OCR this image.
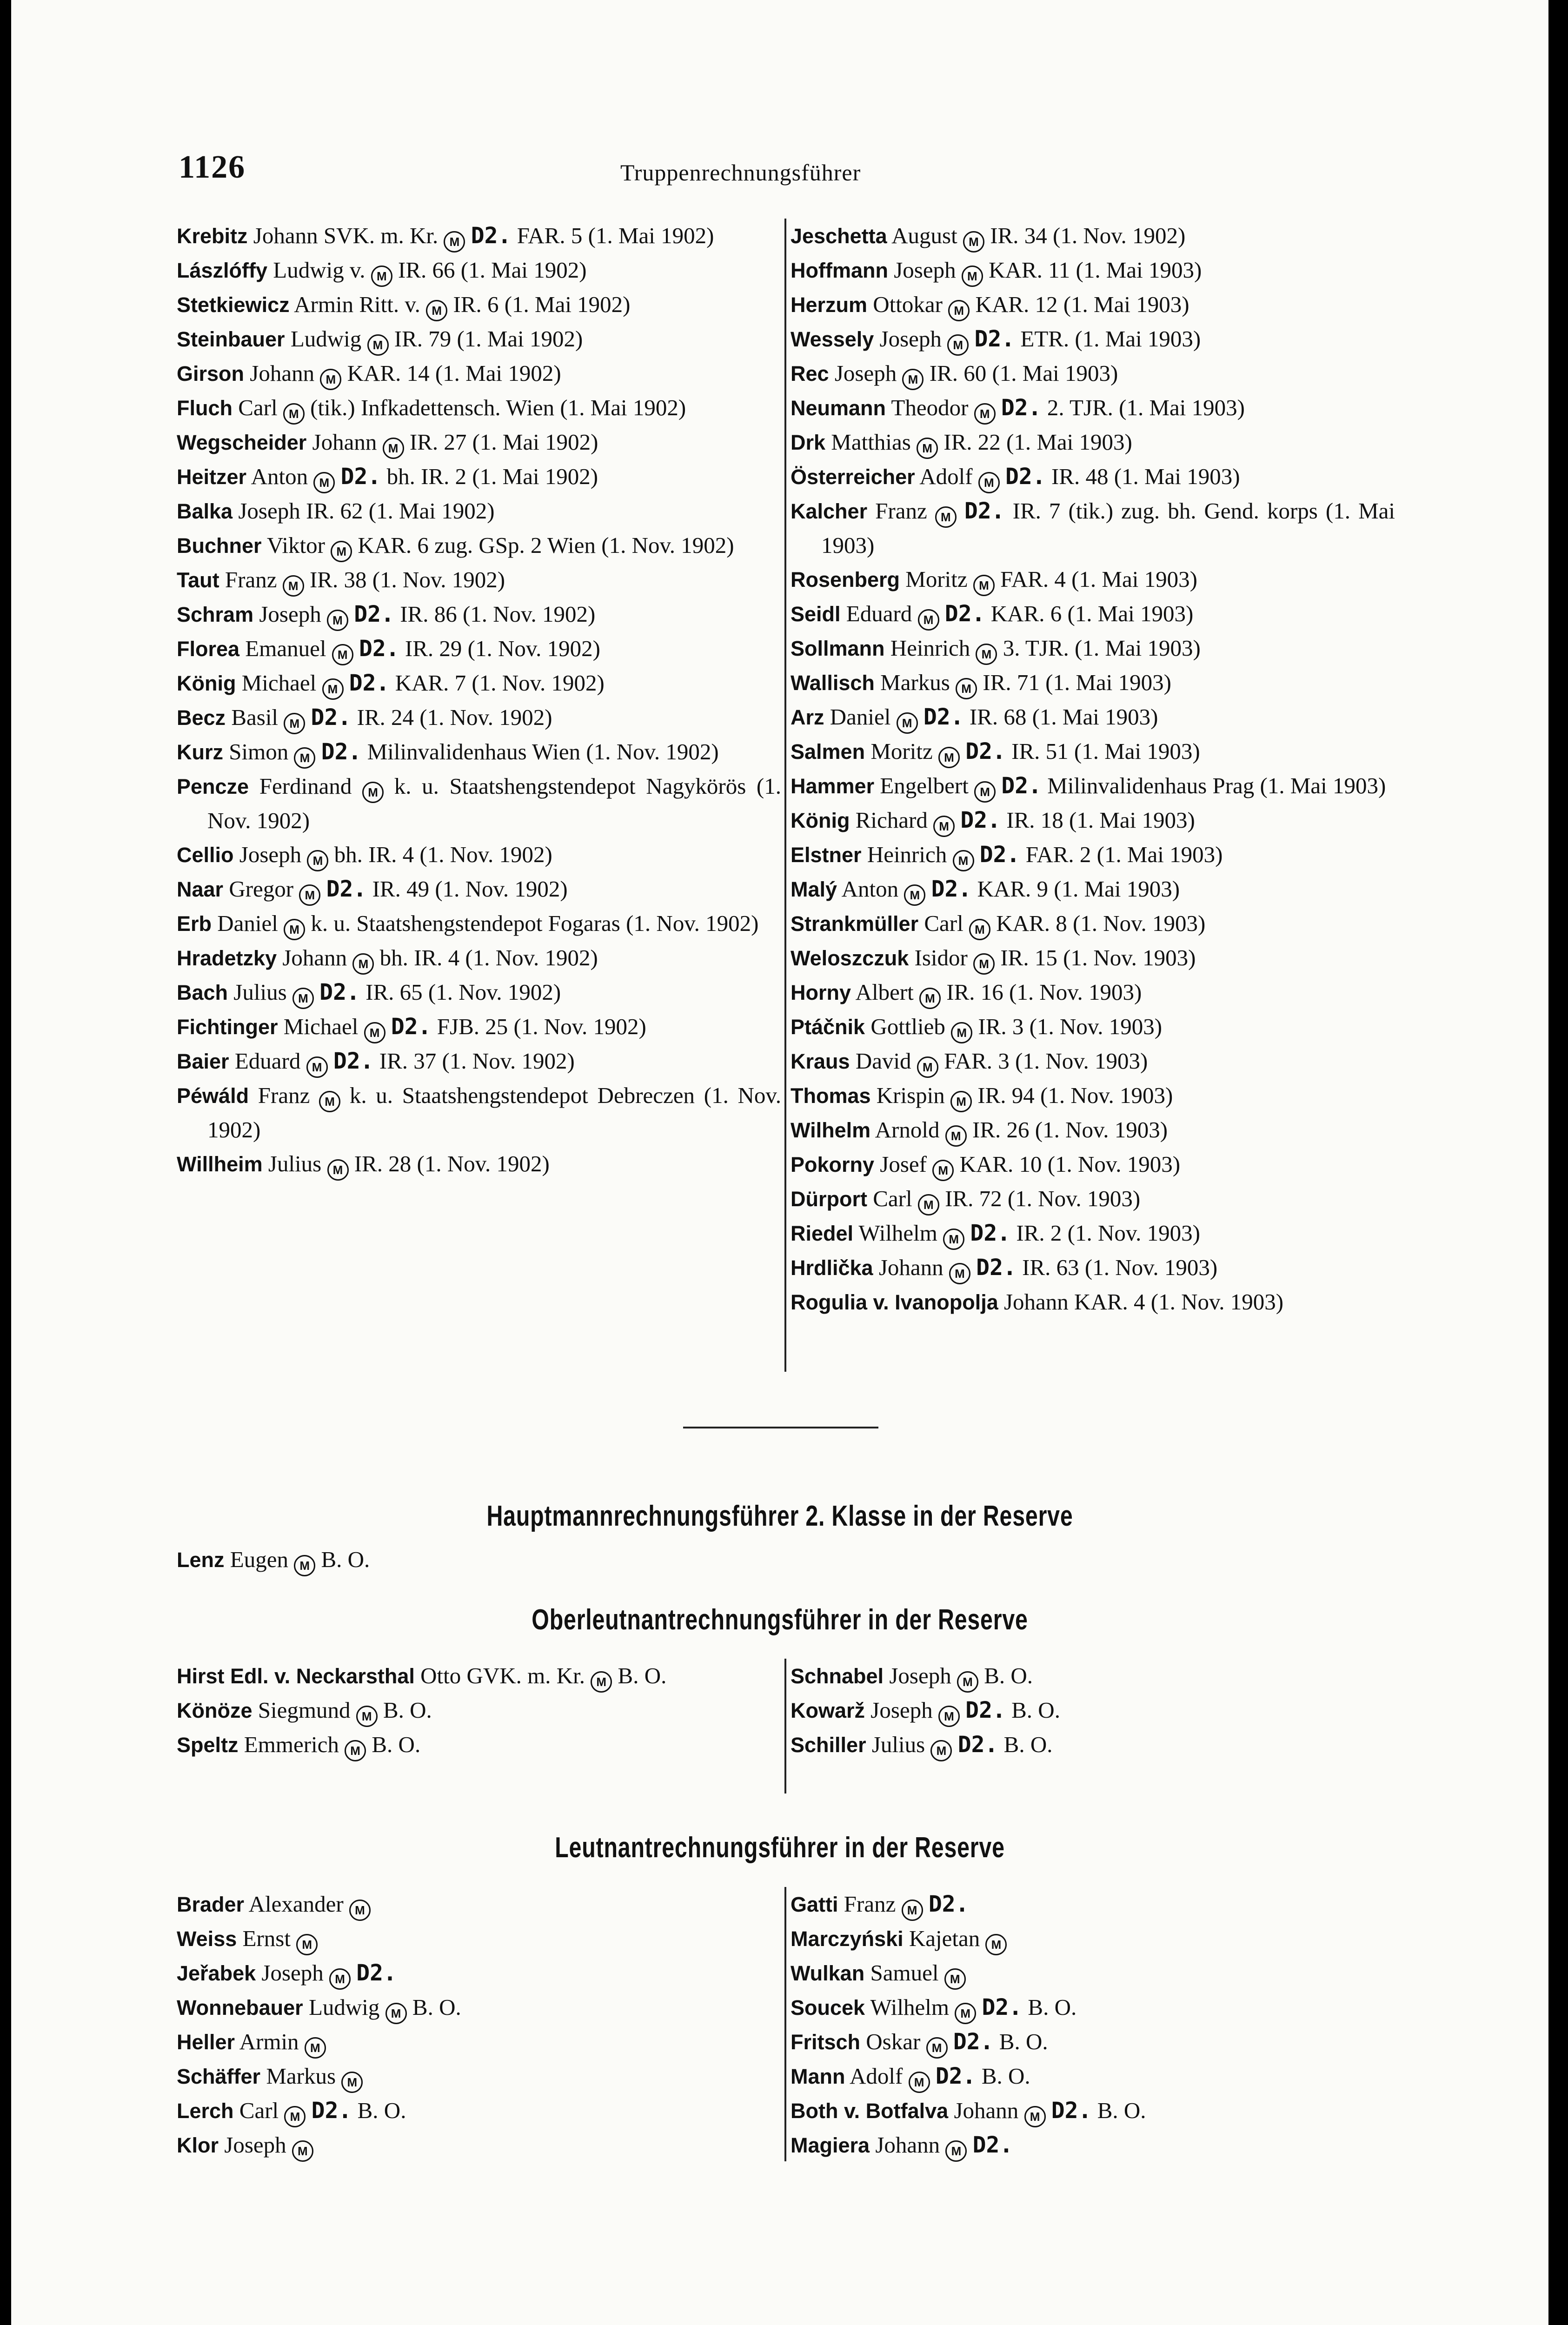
1126	Truppenrechnungsführer
Krebitz Johann SVK. m. Kr. M D2. FAR. 5 (1. Mai 1902)
Lászlóffy Ludwig v. M IR. 66 (1. Mai 1902)
Stetkiewicz Armin Ritt. v. M IR. 6 (1. Mai 1902)
Steinbauer Ludwig M IR. 79 (1. Mai 1902)
Girson Johann M KAR. 14 (1. Mai 1902)
Fluch Carl M (tik.) Infkadettensch. Wien (1. Mai 1902)
Wegscheider Johann M IR. 27 (1. Mai 1902)
Heitzer Anton M D2. bh. IR. 2 (1. Mai 1902)
Balka Joseph IR. 62 (1. Mai 1902)
Buchner Viktor M KAR. 6 zug. GSp. 2 Wien (1. Nov. 1902)
Taut Franz M IR. 38 (1. Nov. 1902)
Schram Joseph M D2. IR. 86 (1. Nov. 1902)
Florea Emanuel M D2. IR. 29 (1. Nov. 1902)
König Michael M D2. KAR. 7 (1. Nov. 1902)
Becz Basil M D2. IR. 24 (1. Nov. 1902)
Kurz Simon M D2. Milinvalidenhaus Wien (1. Nov. 1902)
Pencze Ferdinand M k. u. Staatshengstendepot Nagykörös (1. Nov. 1902)
Cellio Joseph M bh. IR. 4 (1. Nov. 1902)
Naar Gregor M D2. IR. 49 (1. Nov. 1902)
Erb Daniel M k. u. Staatshengstendepot Fogaras (1. Nov. 1902)
Hradetzky Johann M bh. IR. 4 (1. Nov. 1902)
Bach Julius M D2. IR. 65 (1. Nov. 1902)
Fichtinger Michael M D2. FJB. 25 (1. Nov. 1902)
Baier Eduard M D2. IR. 37 (1. Nov. 1902)
Péwáld Franz M k. u. Staatshengstendepot Debreczen (1. Nov. 1902)
Willheim Julius M IR. 28 (1. Nov. 1902)
Jeschetta August M IR. 34 (1. Nov. 1902)
Hoffmann Joseph M KAR. 11 (1. Mai 1903)
Herzum Ottokar M KAR. 12 (1. Mai 1903)
Wessely Joseph M D2. ETR. (1. Mai 1903)
Rec Joseph M IR. 60 (1. Mai 1903)
Neumann Theodor M D2. 2. TJR. (1. Mai 1903)
Drk Matthias M IR. 22 (1. Mai 1903)
Österreicher Adolf M D2. IR. 48 (1. Mai 1903)
Kalcher Franz M D2. IR. 7 (tik.) zug. bh. Gend. korps (1. Mai 1903)
Rosenberg Moritz M FAR. 4 (1. Mai 1903)
Seidl Eduard M D2. KAR. 6 (1. Mai 1903)
Sollmann Heinrich M 3. TJR. (1. Mai 1903)
Wallisch Markus M IR. 71 (1. Mai 1903)
Arz Daniel M D2. IR. 68 (1. Mai 1903)
Salmen Moritz M D2. IR. 51 (1. Mai 1903)
Hammer Engelbert M D2. Milinvalidenhaus Prag (1. Mai 1903)
König Richard M D2. IR. 18 (1. Mai 1903)
Elstner Heinrich M D2. FAR. 2 (1. Mai 1903)
Malý Anton M D2. KAR. 9 (1. Mai 1903)
Strankmüller Carl M KAR. 8 (1. Nov. 1903)
Weloszczuk Isidor M IR. 15 (1. Nov. 1903)
Horny Albert M IR. 16 (1. Nov. 1903)
Ptáčnik Gottlieb M IR. 3 (1. Nov. 1903)
Kraus David M FAR. 3 (1. Nov. 1903)
Thomas Krispin M IR. 94 (1. Nov. 1903)
Wilhelm Arnold M IR. 26 (1. Nov. 1903)
Pokorny Josef M KAR. 10 (1. Nov. 1903)
Dürport Carl M IR. 72 (1. Nov. 1903)
Riedel Wilhelm M D2. IR. 2 (1. Nov. 1903)
Hrdlička Johann M D2. IR. 63 (1. Nov. 1903)
Rogulia v. Ivanopolja Johann KAR. 4 (1. Nov. 1903)
Hauptmannrechnungsführer 2. Klasse in der Reserve
Lenz Eugen M B. O.
Oberleutnantrechnungsführer in der Reserve
Hirst Edl. v. Neckarsthal Otto GVK. m. Kr. M B. O.
Könöze Siegmund M B. O.
Speltz Emmerich M B. O.
Schnabel Joseph M B. O.
Kowarž Joseph M D2. B. O.
Schiller Julius M D2. B. O.
Leutnantrechnungsführer in der Reserve
Brader Alexander M
Weiss Ernst M
Jeřabek Joseph M D2.
Wonnebauer Ludwig M B. O.
Heller Armin M
Schäffer Markus M
Lerch Carl M D2. B. O.
Klor Joseph M
Gatti Franz M D2.
Marczyński Kajetan M
Wulkan Samuel M
Soucek Wilhelm M D2. B. O.
Fritsch Oskar M D2. B. O.
Mann Adolf M D2. B. O.
Both v. Botfalva Johann M D2. B. O.
Magiera Johann M D2.
